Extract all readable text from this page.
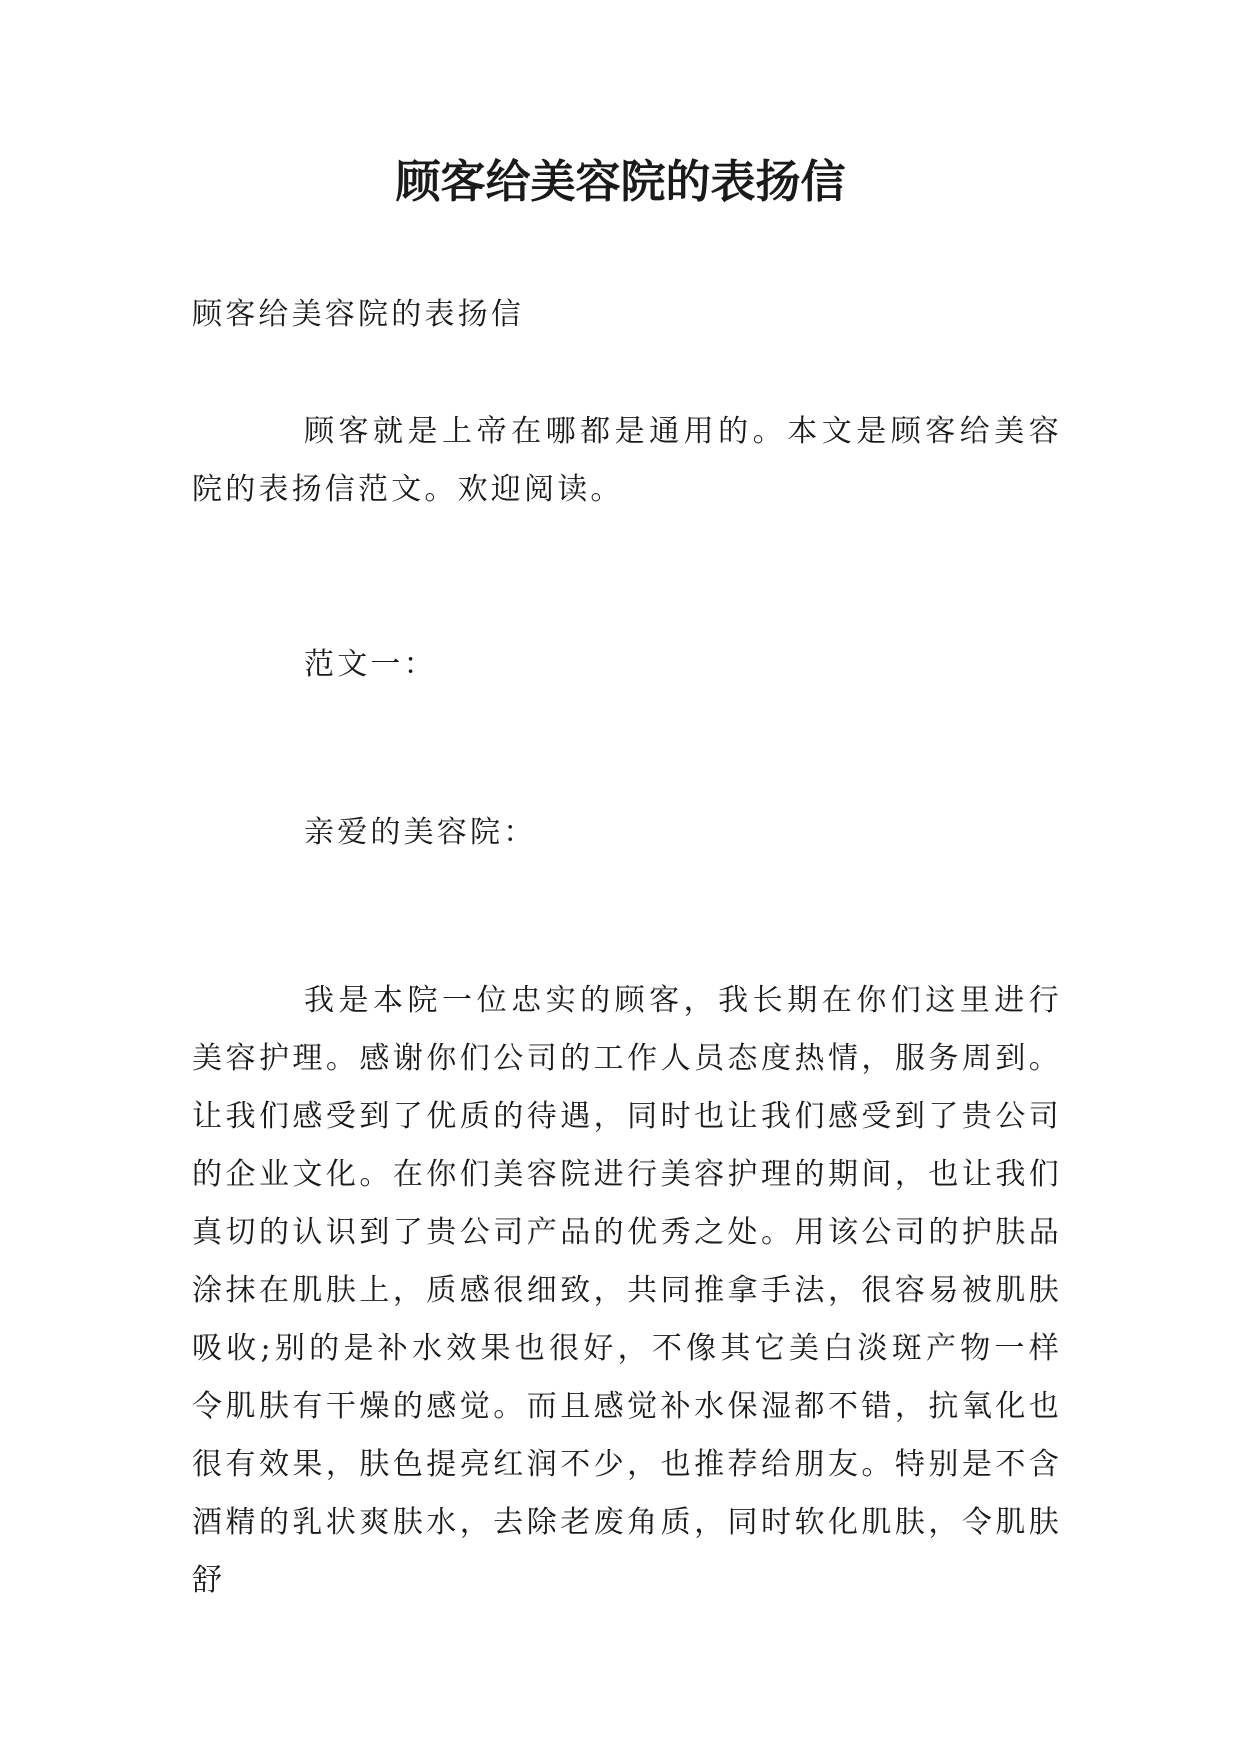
顾客给美容院的表扬信

顾客给美容院的表扬信

顾客就是上帝在哪都是通用的。本文是顾客给美容院的表扬信范文。欢迎阅读。

范文一：

亲爱的美容院：

我是本院一位忠实的顾客，我长期在你们这里进行美容护理。感谢你们公司的工作人员态度热情，服务周到。让我们感受到了优质的待遇，同时也让我们感受到了贵公司的企业文化。在你们美容院进行美容护理的期间，也让我们真切的认识到了贵公司产品的优秀之处。用该公司的护肤品涂抹在肌肤上，质感很细致，共同推拿手法，很容易被肌肤吸收;别的是补水效果也很好，不像其它美白淡斑产物一样令肌肤有干燥的感觉。而且感觉补水保湿都不错，抗氧化也很有效果，肤色提亮红润不少，也推荐给朋友。特别是不含酒精的乳状爽肤水，去除老废角质，同时软化肌肤，令肌肤舒
